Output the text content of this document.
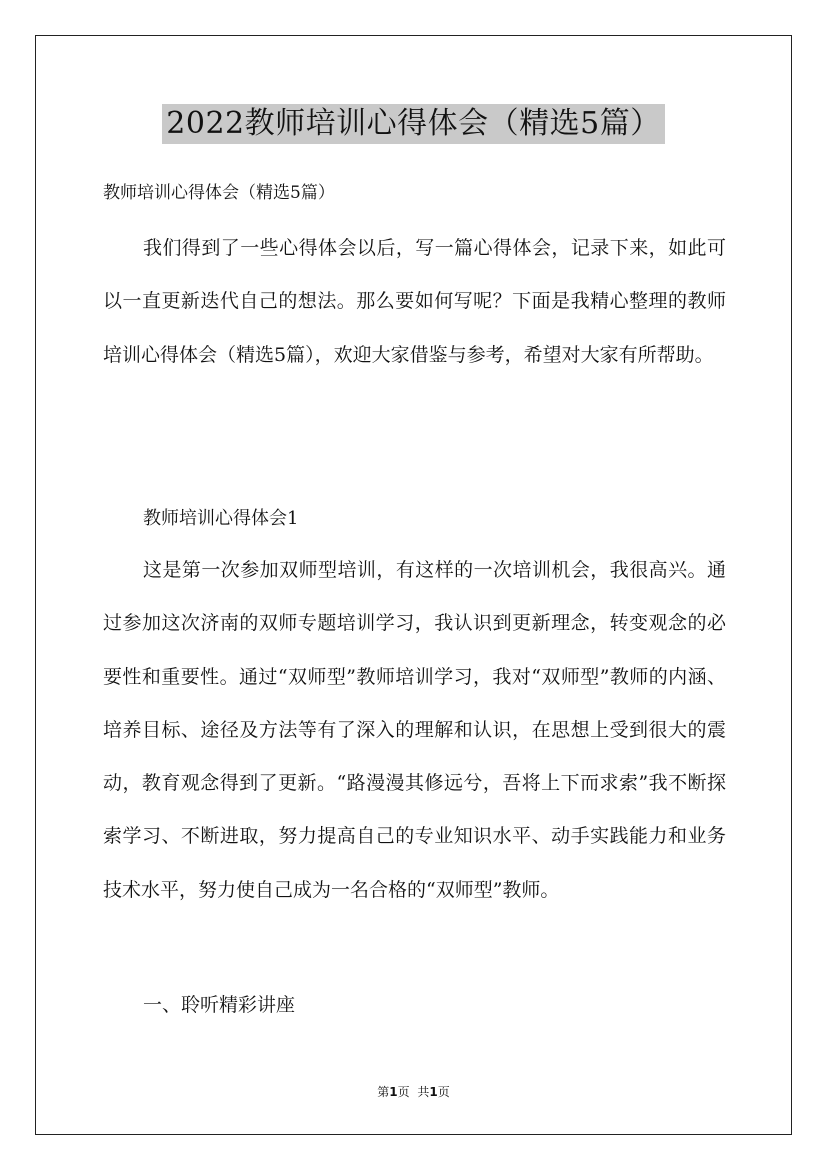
2022教师培训心得体会（精选5篇）

教师培训心得体会（精选5篇）

我们得到了一些心得体会以后，写一篇心得体会，记录下来，如此可以一直更新迭代自己的想法。那么要如何写呢？下面是我精心整理的教师培训心得体会（精选5篇），欢迎大家借鉴与参考，希望对大家有所帮助。

教师培训心得体会1

这是第一次参加双师型培训，有这样的一次培训机会，我很高兴。通过参加这次济南的双师专题培训学习，我认识到更新理念，转变观念的必要性和重要性。通过“双师型”教师培训学习，我对“双师型”教师的内涵、培养目标、途径及方法等有了深入的理解和认识，在思想上受到很大的震动，教育观念得到了更新。“路漫漫其修远兮，吾将上下而求索”我不断探索学习、不断进取，努力提高自己的专业知识水平、动手实践能力和业务技术水平，努力使自己成为一名合格的“双师型”教师。

一、聆听精彩讲座

第1页 共1页
